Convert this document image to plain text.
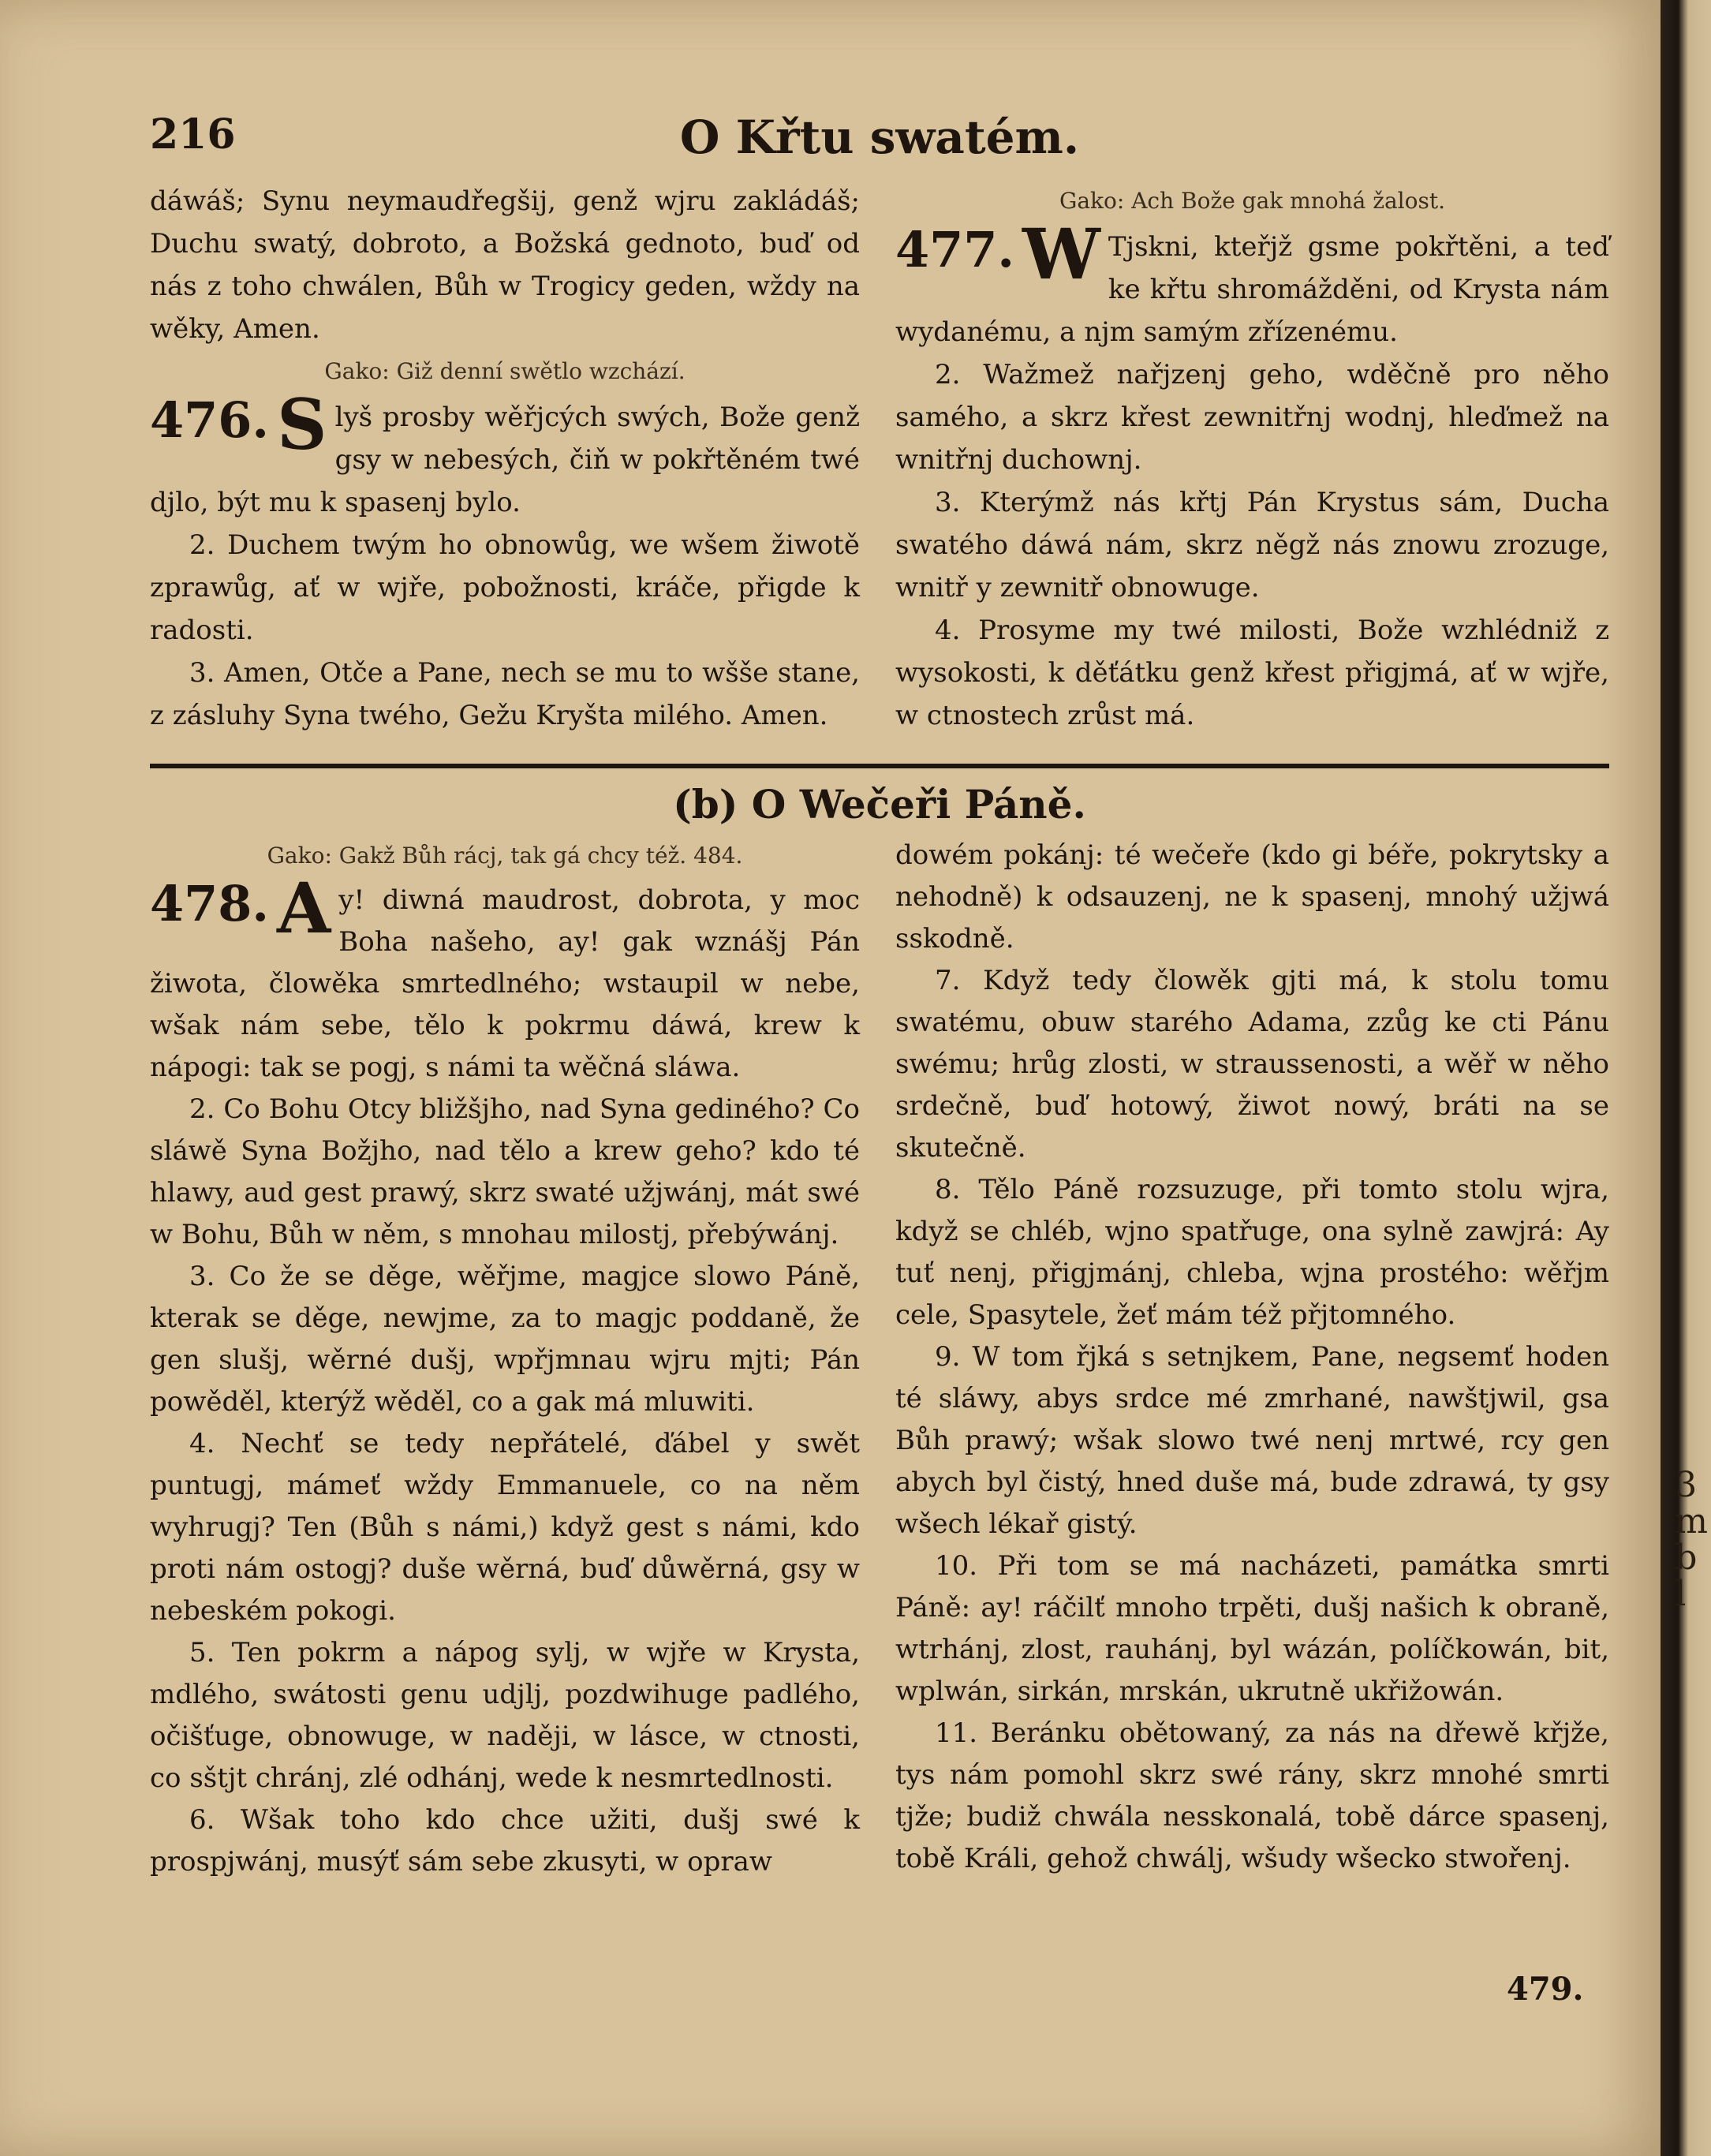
216	O Křtu swatém.

dáwáš; Synu neymaudřegšij, genž wjru zakládáš; Duchu swatý, dobroto, a Božská gednoto, buď od nás z toho chwálen, Bůh w Trogicy geden, wždy na wěky, Amen.

Gako: Giž denní swětlo wzchází.

476. S lyš prosby wěřjcých swých, Bože genž gsy w nebesých, čiň w pokřtěném twé djlo, být mu k spasenj bylo.

2. Duchem twým ho obnowůg, we wšem žiwotě zprawůg, ať w wjře, pobožnosti, kráče, přigde k radosti.

3. Amen, Otče a Pane, nech se mu to wšše stane, z zásluhy Syna twého, Gežu Kryšta milého. Amen.

Gako: Ach Bože gak mnohá žalost.

477. W Tjskni, kteřjž gsme pokřtěni, a teď ke křtu shromážděni, od Krysta nám wydanému, a njm samým zřízenému.

2. Wažmež nařjzenj geho, wděčně pro něho samého, a skrz křest zewnitřnj wodnj, hleďmež na wnitřnj duchownj.

3. Kterýmž nás křtj Pán Krystus sám, Ducha swatého dáwá nám, skrz něgž nás znowu zrozuge, wnitř y zewnitř obnowuge.

4. Prosyme my twé milosti, Bože wzhlédniž z wysokosti, k děťátku genž křest přigjmá, ať w wjře, w ctnostech zrůst má.

(b) O Wečeři Páně.

Gako: Gakž Bůh rácj, tak gá chcy též. 484.

478. A y! diwná maudrost, dobrota, y moc Boha našeho, ay! gak wznášj Pán žiwota, člowěka smrtedlného; wstaupil w nebe, wšak nám sebe, tělo k pokrmu dáwá, krew k nápogi: tak se pogj, s námi ta wěčná sláwa.

2. Co Bohu Otcy bližšjho, nad Syna gediného? Co sláwě Syna Božjho, nad tělo a krew geho? kdo té hlawy, aud gest prawý, skrz swaté užjwánj, mát swé w Bohu, Bůh w něm, s mnohau milostj, přebýwánj.

3. Co že se děge, wěřjme, magjce slowo Páně, kterak se děge, newjme, za to magjc poddaně, že gen slušj, wěrné dušj, wpřjmnau wjru mjti; Pán powěděl, kterýž wěděl, co a gak má mluwiti.

4. Nechť se tedy nepřátelé, ďábel y swět puntugj, mámeť wždy Emmanuele, co na něm wyhrugj? Ten (Bůh s námi,) když gest s námi, kdo proti nám ostogj? duše wěrná, buď důwěrná, gsy w nebeském pokogi.

5. Ten pokrm a nápog sylj, w wjře w Krysta, mdlého, swátosti genu udjlj, pozdwihuge padlého, očišťuge, obnowuge, w naději, w lásce, w ctnosti, co sštjt chránj, zlé odhánj, wede k nesmrtedlnosti.

6. Wšak toho kdo chce užiti, dušj swé k prospjwánj, musýť sám sebe zkusyti, w opraw

dowém pokánj: té wečeře (kdo gi béře, pokrytsky a nehodně) k odsauzenj, ne k spasenj, mnohý užjwá sskodně.

7. Když tedy člowěk gjti má, k stolu tomu swatému, obuw starého Adama, zzůg ke cti Pánu swému; hrůg zlosti, w straussenosti, a wěř w něho srdečně, buď hotowý, žiwot nowý, bráti na se skutečně.

8. Tělo Páně rozsuzuge, při tomto stolu wjra, když se chléb, wjno spatřuge, ona sylně zawjrá: Ay tuť nenj, přigjmánj, chleba, wjna prostého: wěřjm cele, Spasytele, žeť mám též přjtomného.

9. W tom řjká s setnjkem, Pane, negsemť hoden té sláwy, abys srdce mé zmrhané, nawštjwil, gsa Bůh prawý; wšak slowo twé nenj mrtwé, rcy gen abych byl čistý, hned duše má, bude zdrawá, ty gsy wšech lékař gistý.

10. Při tom se má nacházeti, památka smrti Páně: ay! ráčilť mnoho trpěti, dušj našich k obraně, wtrhánj, zlost, rauhánj, byl wázán, políčkowán, bit, wplwán, sirkán, mrskán, ukrutně ukřižowán.

11. Beránku obětowaný, za nás na dřewě křjže, tys nám pomohl skrz swé rány, skrz mnohé smrti tjže; budiž chwála nesskonalá, tobě dárce spasenj, tobě Králi, gehož chwálj, wšudy wšecko stwořenj.

479.
3
m
b
l
